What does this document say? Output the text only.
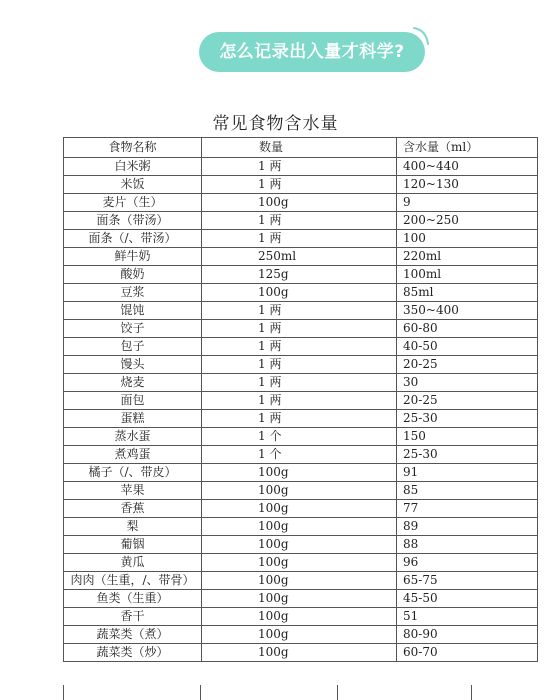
怎么记录出入量才科学?
常见食物含水量
食物名称	数量	含水量（ml）
白米粥	1 两	400~440
米饭	1 两	120~130
麦片（生）	100g	9
面条（带汤）	1 两	200~250
面条（/、带汤）	1 两	100
鲜牛奶	250ml	220ml
酸奶	125g	100ml
豆浆	100g	85ml
馄饨	1 两	350~400
饺子	1 两	60-80
包子	1 两	40-50
馒头	1 两	20-25
烧麦	1 两	30
面包	1 两	20-25
蛋糕	1 两	25-30
蒸水蛋	1 个	150
煮鸡蛋	1 个	25-30
橘子（/、带皮）	100g	91
苹果	100g	85
香蕉	100g	77
梨	100g	89
葡铟	100g	88
黄瓜	100g	96
肉肉（生重，/、带骨）	100g	65-75
鱼类（生重）	100g	45-50
香干	100g	51
蔬菜类（煮）	100g	80-90
蔬菜类（炒）	100g	60-70
